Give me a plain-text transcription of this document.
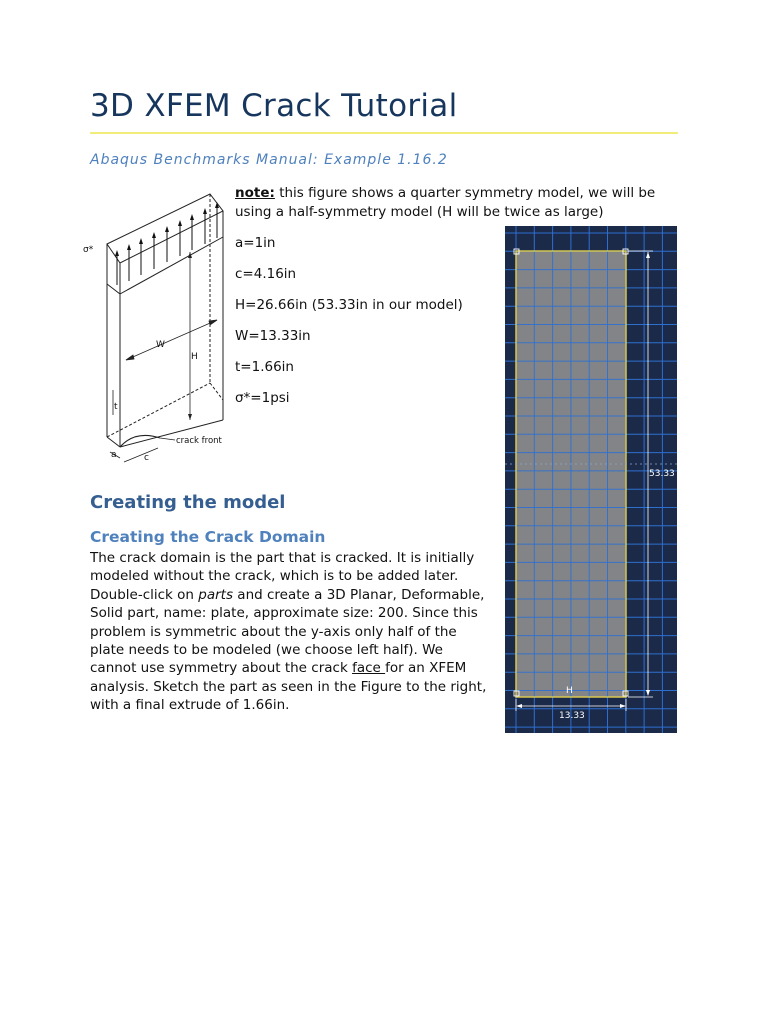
3D XFEM Crack Tutorial

Abaqus Benchmarks Manual: Example 1.16.2

σ*
W
H
t
crack front
a	c

note: this figure shows a quarter symmetry model, we will be using a half-symmetry model (H will be twice as large)

a=1in

c=4.16in

H=26.66in (53.33in in our model)

W=13.33in

t=1.66in

σ*=1psi

Creating the model
Creating the Crack Domain

The crack domain is the part that is cracked. It is initially modeled without the crack, which is to be added later. Double-click on parts and create a 3D Planar, Deformable, Solid part, name: plate, approximate size: 200. Since this problem is symmetric about the y-axis only half of the plate needs to be modeled (we choose left half). We cannot use symmetry about the crack face for an XFEM analysis. Sketch the part as seen in the Figure to the right, with a final extrude of 1.66in.

53.33
13.33
H
